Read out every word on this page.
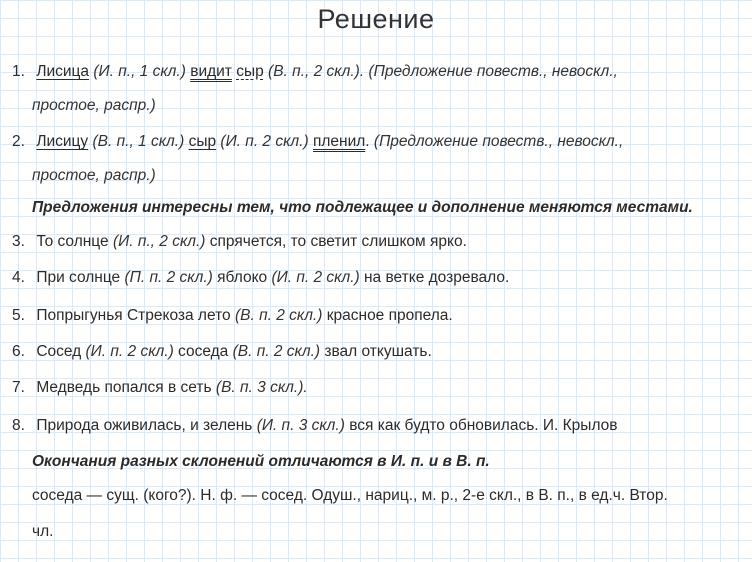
Решение
1. Лисица (И. п., 1 скл.) видит сыр (В. п., 2 скл.). (Предложение повеств., невоскл.,
простое, распр.)
2. Лисицу (В. п., 1 скл.) сыр (И. п. 2 скл.) пленил. (Предложение повеств., невоскл.,
простое, распр.)
Предложения интересны тем, что подлежащее и дополнение меняются местами.
3. То солнце (И. п., 2 скл.) спрячется, то светит слишком ярко.
4. При солнце (П. п. 2 скл.) яблоко (И. п. 2 скл.) на ветке дозревало.
5. Попрыгунья Стрекоза лето (В. п. 2 скл.) красное пропела.
6. Сосед (И. п. 2 скл.) соседа (В. п. 2 скл.) звал откушать.
7. Медведь попался в сеть (В. п. 3 скл.).
8. Природа оживилась, и зелень (И. п. 3 скл.) вся как будто обновилась. И. Крылов
Окончания разных склонений отличаются в И. п. и в В. п.
соседа — сущ. (кого?). Н. ф. — сосед. Одуш., нариц., м. р., 2-е скл., в В. п., в ед.ч. Втор.
чл.
